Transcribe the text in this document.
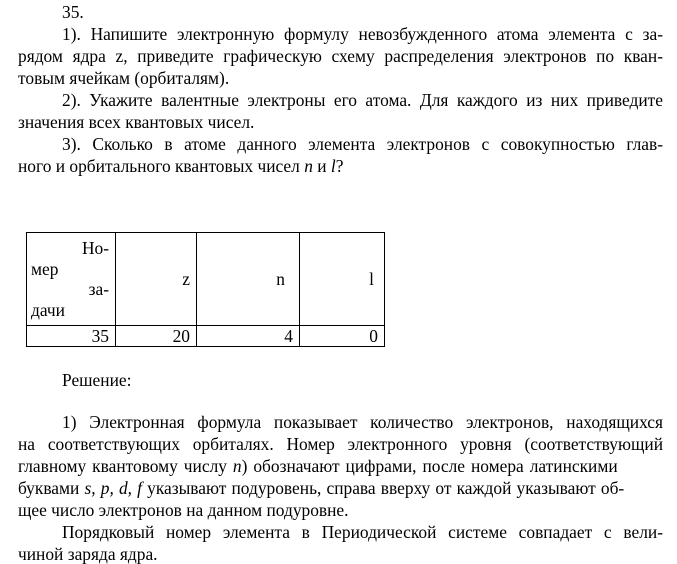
35.
1). Напишите электронную формулу невозбужденного атома элемента с за-
рядом ядра z, приведите графическую схему распределения электронов по кван-
товым ячейкам (орбиталям).
2). Укажите валентные электроны его атома. Для каждого из них приведите
значения всех квантовых чисел.
3). Сколько в атоме данного элемента электронов с совокупностью глав-
ного и орбитального квантовых чисел n и l?
Но-
мер
за-
дачи	z	n	l
35	20	4	0
Решение:
1) Электронная формула показывает количество электронов, находящихся
на соответствующих орбиталях. Номер электронного уровня (соответствующий
главному квантовому числу n) обозначают цифрами, после номера латинскими
буквами s, p, d, f указывают подуровень, справа вверху от каждой указывают об-
щее число электронов на данном подуровне.
Порядковый номер элемента в Периодической системе совпадает с вели-
чиной заряда ядра.
